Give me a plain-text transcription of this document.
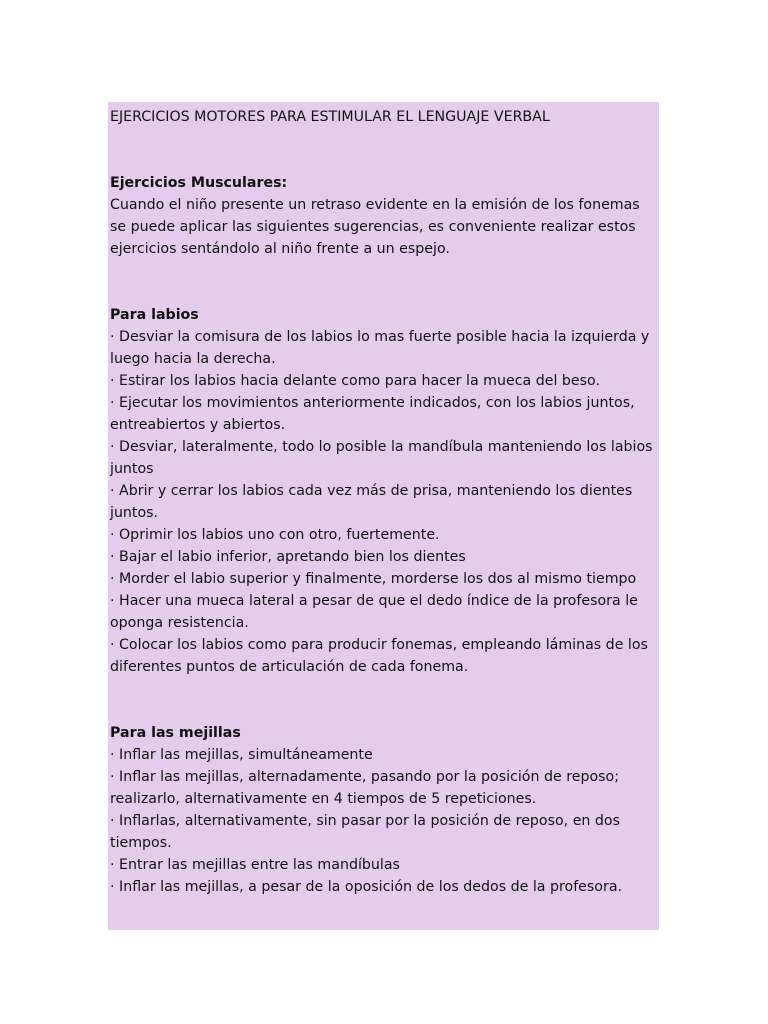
EJERCICIOS MOTORES PARA ESTIMULAR EL LENGUAJE VERBAL
Ejercicios Musculares:

Cuando el niño presente un retraso evidente en la emisión de los fonemas se puede aplicar las siguientes sugerencias, es conveniente realizar estos ejercicios sentándolo al niño frente a un espejo.

Para labios

· Desviar la comisura de los labios lo mas fuerte posible hacia la izquierda y luego hacia la derecha.

· Estirar los labios hacia delante como para hacer la mueca del beso.

· Ejecutar los movimientos anteriormente indicados, con los labios juntos, entreabiertos y abiertos.

· Desviar, lateralmente, todo lo posible la mandíbula manteniendo los labios juntos

· Abrir y cerrar los labios cada vez más de prisa, manteniendo los dientes juntos.

· Oprimir los labios uno con otro, fuertemente.

· Bajar el labio inferior, apretando bien los dientes

· Morder el labio superior y finalmente, morderse los dos al mismo tiempo

· Hacer una mueca lateral a pesar de que el dedo índice de la profesora le oponga resistencia.

· Colocar los labios como para producir fonemas, empleando láminas de los diferentes puntos de articulación de cada fonema.

Para las mejillas

· Inflar las mejillas, simultáneamente

· Inflar las mejillas, alternadamente, pasando por la posición de reposo; realizarlo, alternativamente en 4 tiempos de 5 repeticiones.

· Inflarlas, alternativamente, sin pasar por la posición de reposo, en dos tiempos.

· Entrar las mejillas entre las mandíbulas

· Inflar las mejillas, a pesar de la oposición de los dedos de la profesora.
